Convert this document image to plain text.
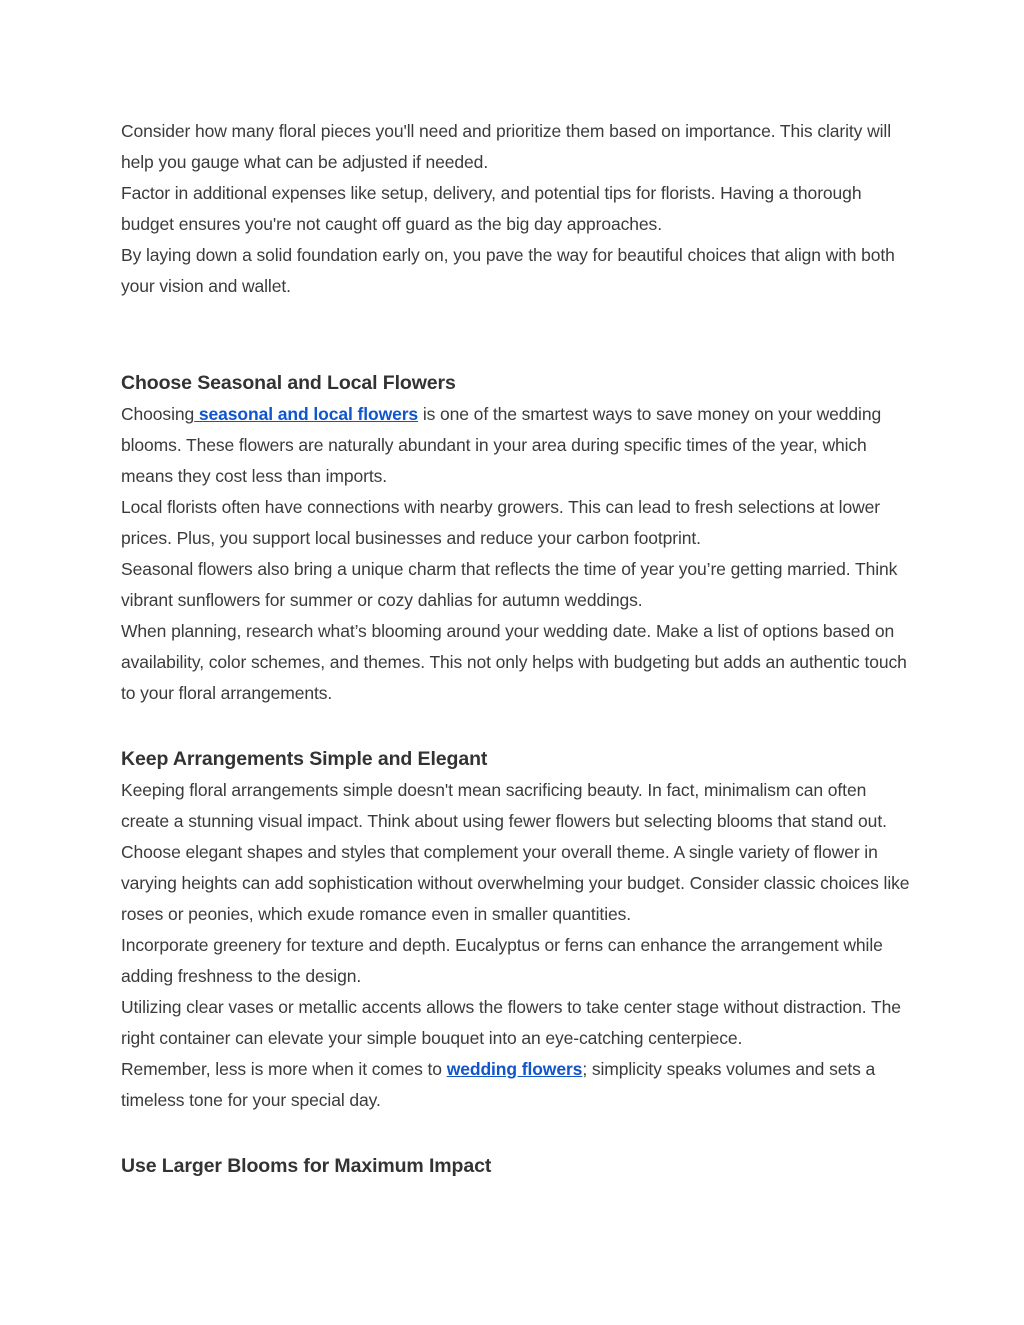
Consider how many floral pieces you'll need and prioritize them based on importance. This clarity will help you gauge what can be adjusted if needed.

Factor in additional expenses like setup, delivery, and potential tips for florists. Having a thorough budget ensures you're not caught off guard as the big day approaches.

By laying down a solid foundation early on, you pave the way for beautiful choices that align with both your vision and wallet.

Choose Seasonal and Local Flowers

Choosing seasonal and local flowers is one of the smartest ways to save money on your wedding blooms. These flowers are naturally abundant in your area during specific times of the year, which means they cost less than imports.

Local florists often have connections with nearby growers. This can lead to fresh selections at lower prices. Plus, you support local businesses and reduce your carbon footprint.

Seasonal flowers also bring a unique charm that reflects the time of year you’re getting married. Think vibrant sunflowers for summer or cozy dahlias for autumn weddings.

When planning, research what’s blooming around your wedding date. Make a list of options based on availability, color schemes, and themes. This not only helps with budgeting but adds an authentic touch to your floral arrangements.

Keep Arrangements Simple and Elegant

Keeping floral arrangements simple doesn't mean sacrificing beauty. In fact, minimalism can often create a stunning visual impact. Think about using fewer flowers but selecting blooms that stand out.

Choose elegant shapes and styles that complement your overall theme. A single variety of flower in varying heights can add sophistication without overwhelming your budget. Consider classic choices like roses or peonies, which exude romance even in smaller quantities.

Incorporate greenery for texture and depth. Eucalyptus or ferns can enhance the arrangement while adding freshness to the design.

Utilizing clear vases or metallic accents allows the flowers to take center stage without distraction. The right container can elevate your simple bouquet into an eye-catching centerpiece.

Remember, less is more when it comes to wedding flowers; simplicity speaks volumes and sets a timeless tone for your special day.

Use Larger Blooms for Maximum Impact
